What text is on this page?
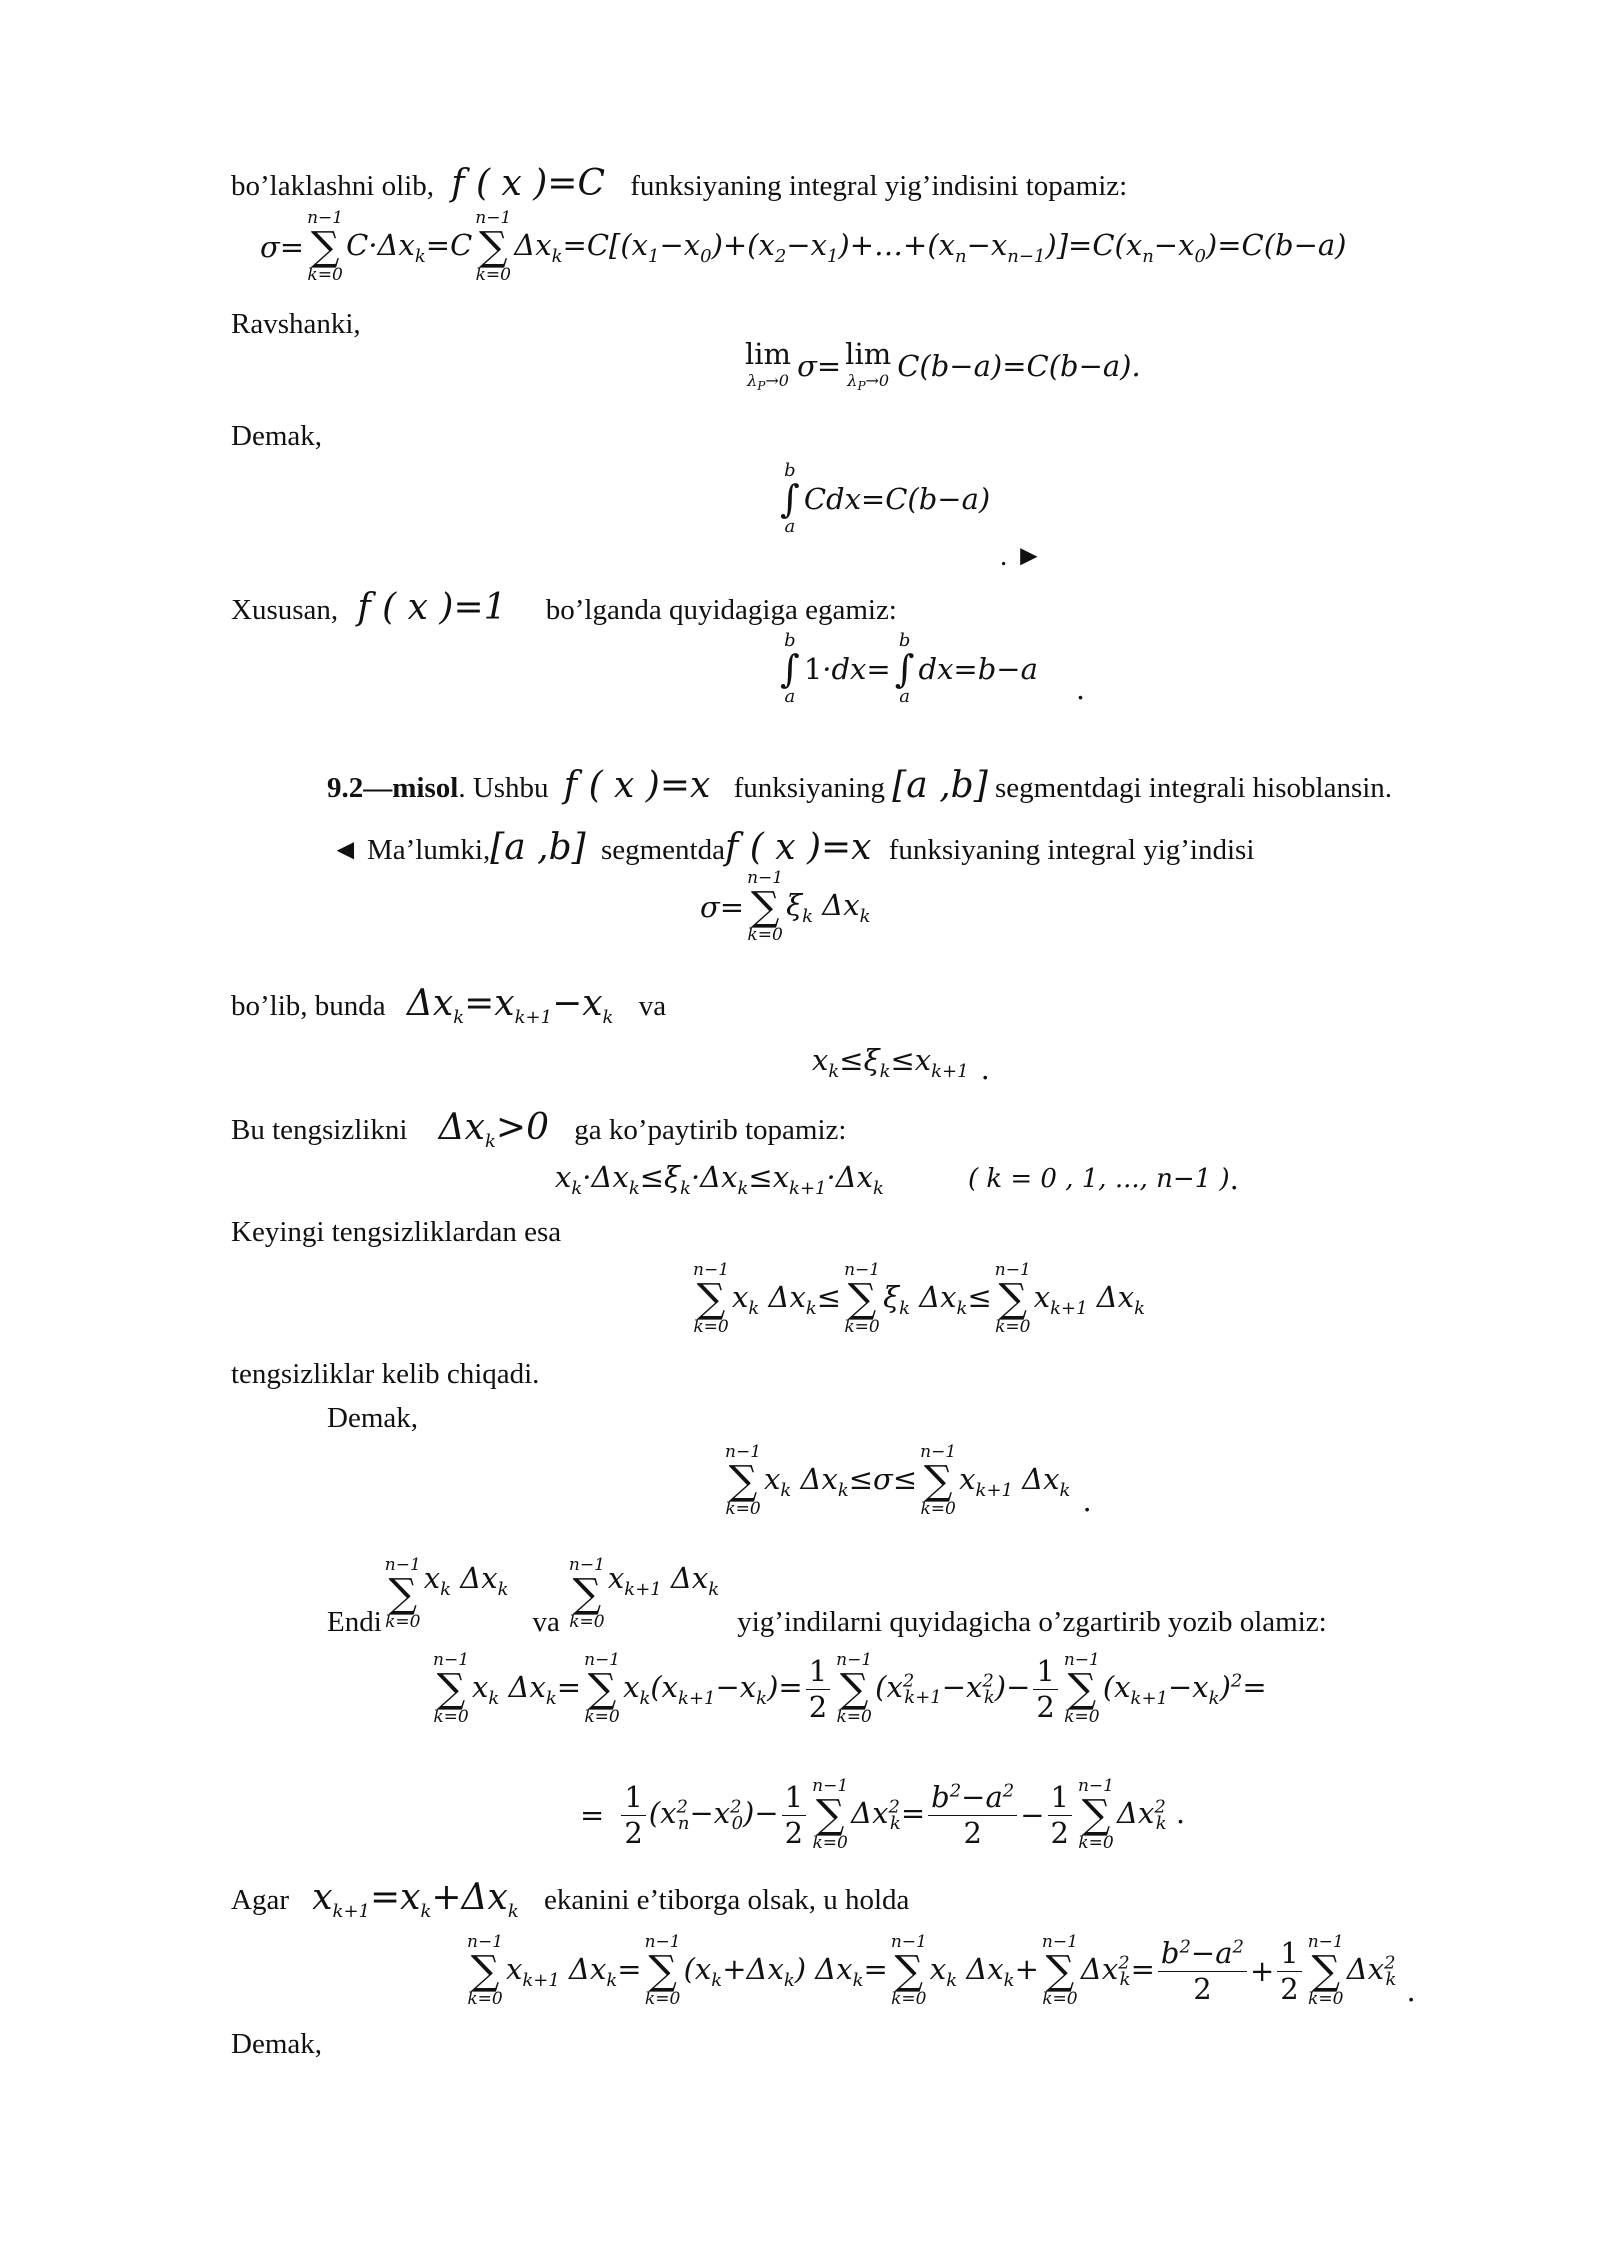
bo’laklashni olib, f ( x )=C funksiyaning integral yig’indisini topamiz:
σ=
n−1
∑
k=0
$C\cdot\Delta x_k=C$
n−1
∑
k=0
$\Delta x_k=C[(x_1-x_0)+(x_2-x_1)+\dots+(x_n-x_{n-1})]=C(x_n-x_0)=C(b-a)$
Ravshanki,
lim
$\lambda_P\to 0$ σ= lim
$\lambda_P\to 0$ C(b−a)=C(b−a).
Demak,
b
∫
a
Cdx=C(b−a)
. ►
Xususan, f ( x )=1 bo’lganda quyidagiga egamiz:
b
∫
a
1·dx=
b
∫
a
dx=b−a
.
9.2—misol. Ushbu f ( x )=x funksiyaning [a ,b] segmentdagi integrali hisoblansin.
◄ Ma’lumki,[a ,b] segmentdaf ( x )=x funksiyaning integral yig’indisi
σ=
n−1
∑
k=0
$\xi_k$ $\Delta x_k$
bo’lib, bunda $\Delta x_k=x_{k+1}-x_k$ va
$x_k\le\xi_k\le x_{k+1}$ .
Bu tengsizlikni $\Delta x_k>0$ ga ko’paytirib topamiz:
$x_k\cdot\Delta x_k\le\xi_k\cdot\Delta x_k\le x_{k+1}\cdot\Delta x_k$	( k = 0 , 1, ..., n−1 ) .
Keyingi tengsizliklardan esa
n−1
∑
k=0
$x_k$ $\Delta x_k\le$
n−1
∑
k=0
$\xi_k$ $\Delta x_k\le$
n−1
∑
k=0
$x_{k+1}$ $\Delta x_k$
tengsizliklar kelib chiqadi.
Demak,
n−1
∑
k=0
$x_k$ $\Delta x_k\le\sigma\le$
n−1
∑
k=0
$x_{k+1}$ $\Delta x_k$ .
Endi
n−1
∑
k=0
$x_k$ $\Delta x_k$
va
n−1
∑
k=0
$x_{k+1}$ $\Delta x_k$
yig’indilarni quyidagicha o’zgartirib yozib olamiz:
n−1
∑
k=0
$x_k$ $\Delta x_k=$
n−1
∑
k=0
$x_k(x_{k+1}-x_k)= \frac{1}{2} n-1$
∑
k=0
$(x^2_{k+1}-x^2_k)- \frac{1}{2} n-1$
∑
k=0
$(x_{k+1}-x_k)^2=$
= $\frac{1}{2} (x^2_n-x^2_0)- \frac{1}{2} n-1$
∑
k=0
$\Delta x^2_k= \frac{b^2-a^2}{2} - \frac{1}{2} n-1$
∑
k=0
$\Delta x^2_k$ .
Agar $x_{k+1}=x_k+\Delta x_k$ ekanini e’tiborga olsak, u holda
n−1
∑
k=0
$x_{k+1}$ $\Delta x_k=$
n−1
∑
k=0
$(x_k+\Delta x_k)$ $\Delta x_k=$
n−1
∑
k=0
$x_k$ $\Delta x_k+$
n−1
∑
k=0
$\Delta x^2_k= \frac{b^2-a^2}{2} + \frac{1}{2} n-1$
∑
k=0
$\Delta x^2_k$ .
Demak,
